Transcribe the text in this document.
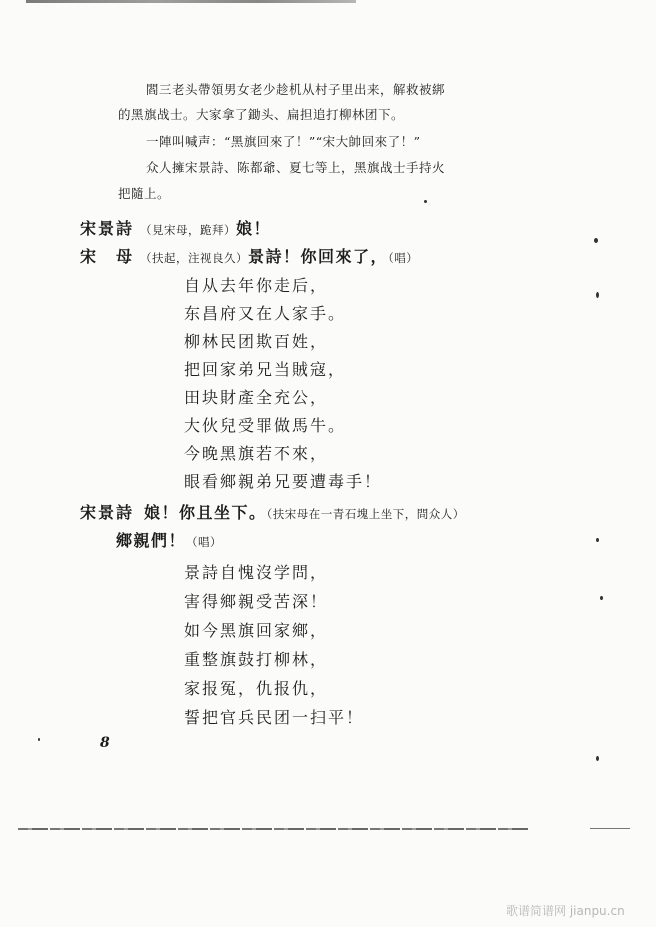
閻三老头帶領男女老少趁机从村子里出来，解救被綁
的黑旗战士。大家拿了鋤头、扁担追打柳林团下。
一陣叫喊声：“黑旗回來了！”“宋大帥回來了！”
众人擁宋景詩、陈都爺、夏七等上，黑旗战士手持火
把隨上。
宋景詩 （見宋母，跪拜）娘！
宋　母 （扶起，注视良久）景詩！你回來了，（唱）
自从去年你走后，
东昌府又在人家手。
柳林民团欺百姓，
把回家弟兄当賊寇，
田块財產全充公，
大伙兒受罪做馬牛。
今晚黑旗若不來，
眼看鄉親弟兄要遭毒手！
宋景詩 娘！你且坐下。（扶宋母在一青石塊上坐下，問众人）
鄉親們！（唱）
景詩自愧沒学問，
害得鄉親受苦深！
如今黑旗回家鄉，
重整旗鼓打柳林，
家报冤，仇报仇，
誓把官兵民团一扫平！
8
歌谱简谱网 jianpu.cn
